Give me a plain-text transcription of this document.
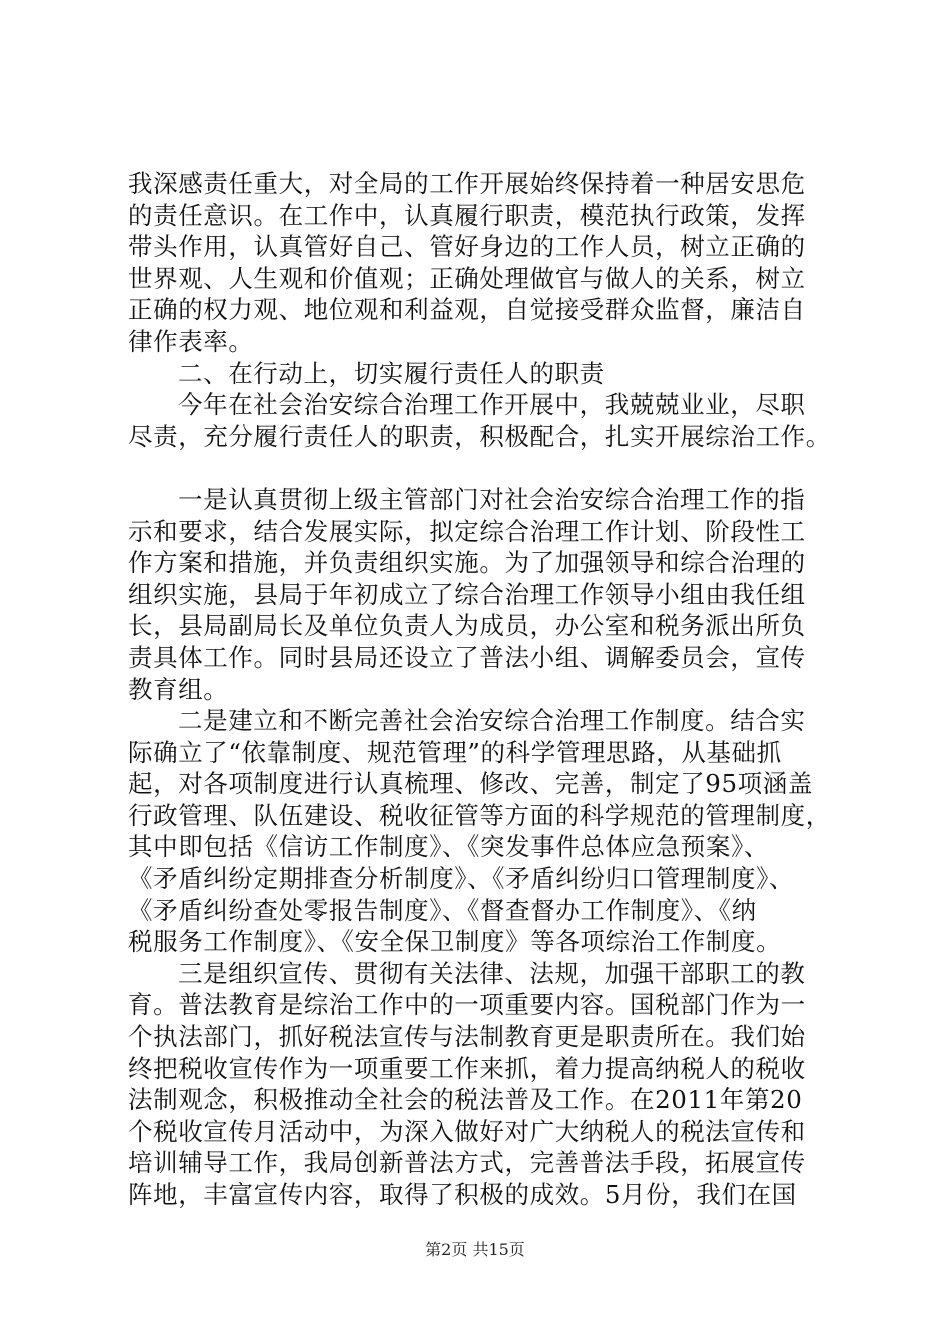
我深感责任重大，对全局的工作开展始终保持着一种居安思危
的责任意识。在工作中，认真履行职责，模范执行政策，发挥
带头作用，认真管好自己、管好身边的工作人员，树立正确的
世界观、人生观和价值观；正确处理做官与做人的关系，树立
正确的权力观、地位观和利益观，自觉接受群众监督，廉洁自
律作表率。
二、在行动上，切实履行责任人的职责
今年在社会治安综合治理工作开展中，我兢兢业业，尽职
尽责，充分履行责任人的职责，积极配合，扎实开展综治工作。
一是认真贯彻上级主管部门对社会治安综合治理工作的指
示和要求，结合发展实际，拟定综合治理工作计划、阶段性工
作方案和措施，并负责组织实施。为了加强领导和综合治理的
组织实施，县局于年初成立了综合治理工作领导小组由我任组
长，县局副局长及单位负责人为成员，办公室和税务派出所负
责具体工作。同时县局还设立了普法小组、调解委员会，宣传
教育组。
二是建立和不断完善社会治安综合治理工作制度。结合实
际确立了“依靠制度、规范管理”的科学管理思路，从基础抓
起，对各项制度进行认真梳理、修改、完善，制定了95项涵盖
行政管理、队伍建设、税收征管等方面的科学规范的管理制度，
其中即包括《信访工作制度》、《突发事件总体应急预案》、
《矛盾纠纷定期排查分析制度》、《矛盾纠纷归口管理制度》、
《矛盾纠纷查处零报告制度》、《督查督办工作制度》、《纳
税服务工作制度》、《安全保卫制度》等各项综治工作制度。
三是组织宣传、贯彻有关法律、法规，加强干部职工的教
育。普法教育是综治工作中的一项重要内容。国税部门作为一
个执法部门，抓好税法宣传与法制教育更是职责所在。我们始
终把税收宣传作为一项重要工作来抓，着力提高纳税人的税收
法制观念，积极推动全社会的税法普及工作。在2011年第20
个税收宣传月活动中，为深入做好对广大纳税人的税法宣传和
培训辅导工作，我局创新普法方式，完善普法手段，拓展宣传
阵地，丰富宣传内容，取得了积极的成效。5月份，我们在国
第2页 共15页
